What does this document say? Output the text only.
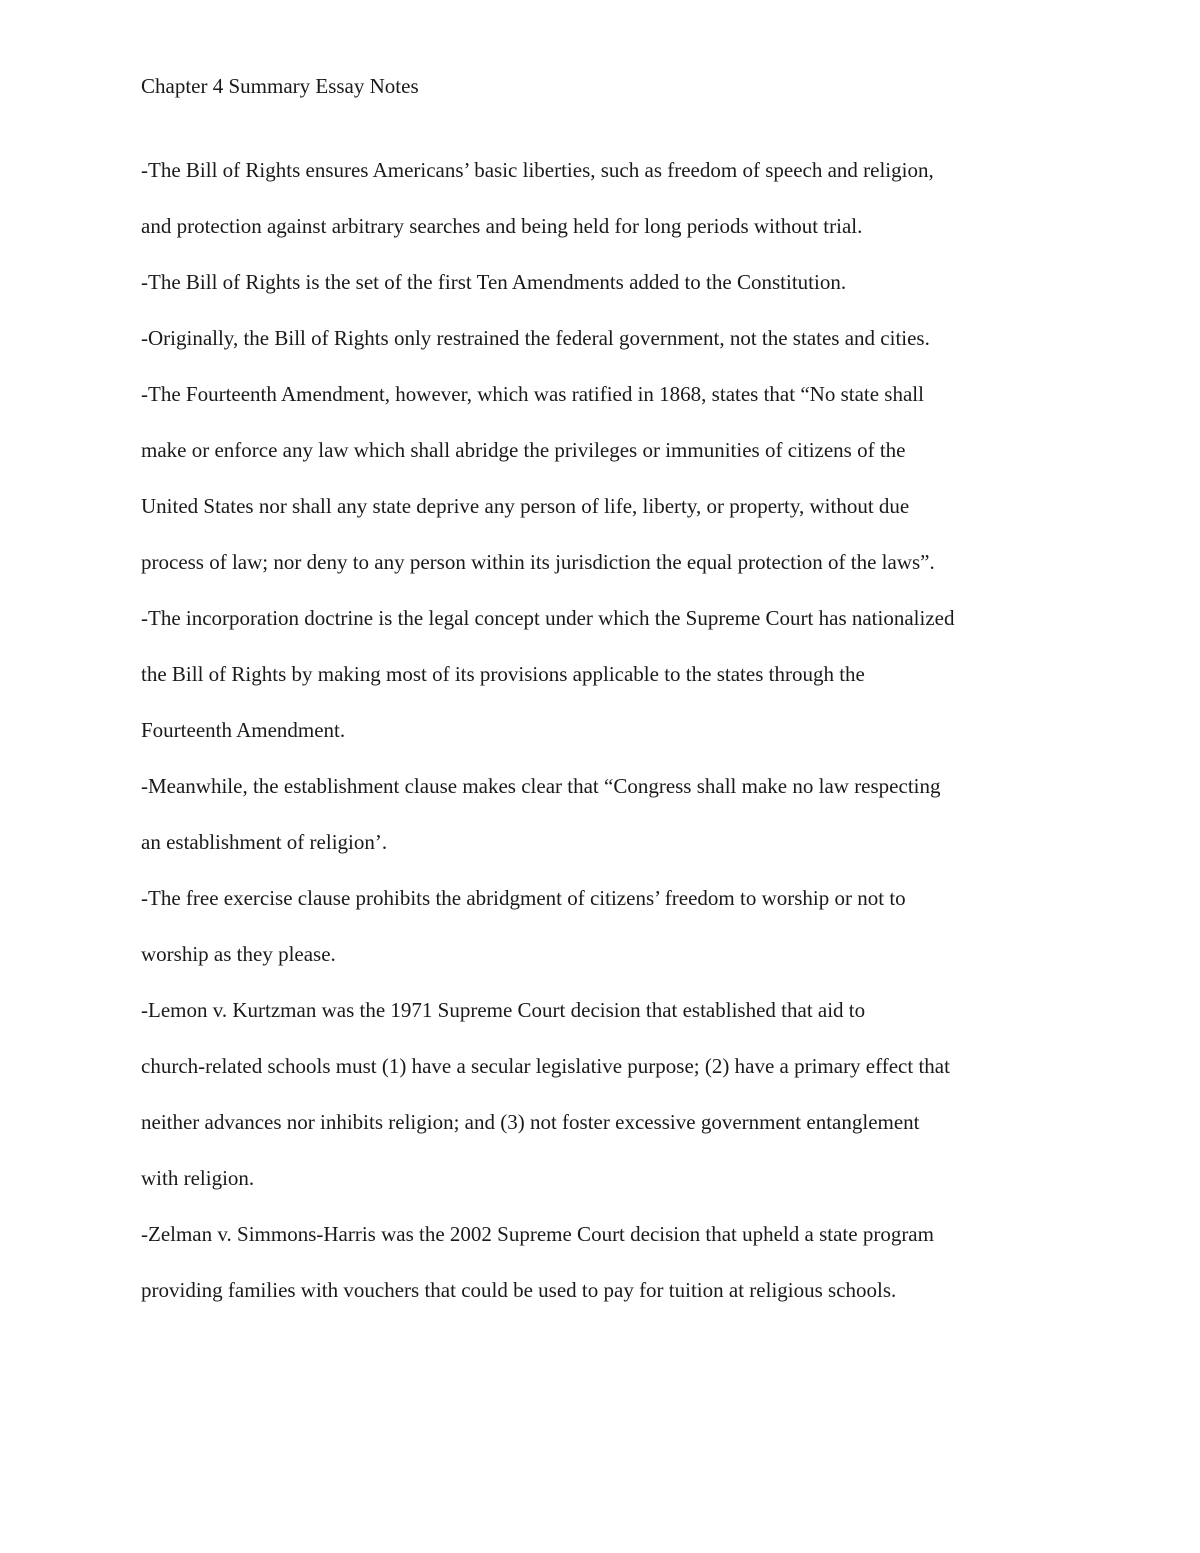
Chapter 4 Summary Essay Notes
-The Bill of Rights ensures Americans’ basic liberties, such as freedom of speech and religion,
and protection against arbitrary searches and being held for long periods without trial.
-The Bill of Rights is the set of the first Ten Amendments added to the Constitution.
-Originally, the Bill of Rights only restrained the federal government, not the states and cities.
-The Fourteenth Amendment, however, which was ratified in 1868, states that “No state shall
make or enforce any law which shall abridge the privileges or immunities of citizens of the
United States nor shall any state deprive any person of life, liberty, or property, without due
process of law; nor deny to any person within its jurisdiction the equal protection of the laws”.
-The incorporation doctrine is the legal concept under which the Supreme Court has nationalized
the Bill of Rights by making most of its provisions applicable to the states through the
Fourteenth Amendment.
-Meanwhile, the establishment clause makes clear that “Congress shall make no law respecting
an establishment of religion’.
-The free exercise clause prohibits the abridgment of citizens’ freedom to worship or not to
worship as they please.
-Lemon v. Kurtzman was the 1971 Supreme Court decision that established that aid to
church-related schools must (1) have a secular legislative purpose; (2) have a primary effect that
neither advances nor inhibits religion; and (3) not foster excessive government entanglement
with religion.
-Zelman v. Simmons-Harris was the 2002 Supreme Court decision that upheld a state program
providing families with vouchers that could be used to pay for tuition at religious schools.
